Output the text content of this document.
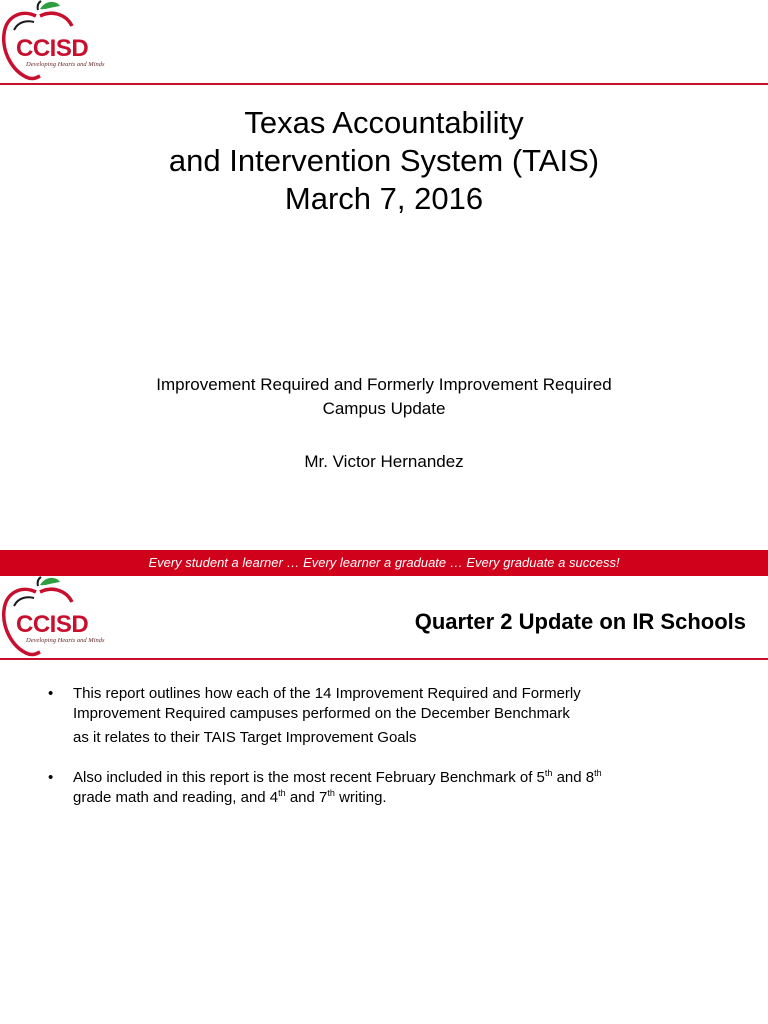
CCISD
Developing Hearts and Minds
Texas Accountability
and Intervention System (TAIS)
March 7, 2016
Improvement Required and Formerly Improvement Required
Campus Update
Mr. Victor Hernandez
Every student a learner … Every learner a graduate … Every graduate a success!
CCISD
Developing Hearts and Minds
Quarter 2 Update on IR Schools
• This report outlines how each of the 14 Improvement Required and Formerly

Improvement Required campuses performed on the December Benchmark

as it relates to their TAIS Target Improvement Goals

• Also included in this report is the most recent February Benchmark of 5th and 8th

grade math and reading, and 4th and 7th writing.
